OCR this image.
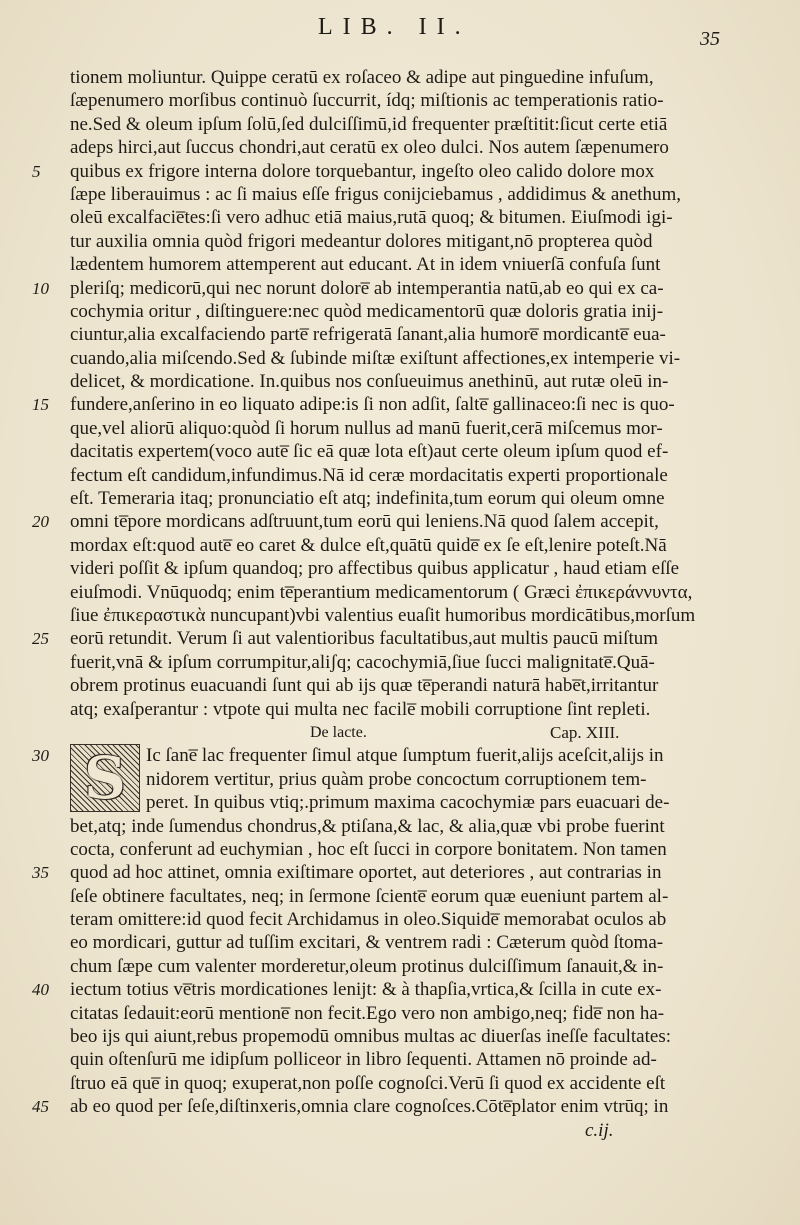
LIB. II.	35
tionem moliuntur. Quippe ceratū ex roſaceo & adipe aut pinguedine infuſum,
ſæpenumero morſibus continuò ſuccurrit, ídq; miſtionis ac temperationis ratio-
ne.Sed & oleum ipſum ſolū,ſed dulciſſimū,id frequenter præſtitit:ſicut certe etiā
adeps hirci,aut ſuccus chondri,aut ceratū ex oleo dulci. Nos autem ſæpenumero
5 quibus ex frigore interna dolore torquebantur, ingeſto oleo calido dolore mox
ſæpe liberauimus : ac ſi maius eſſe frigus conijciebamus , addidimus & anethum,
oleū excalfacie̅tes:ſi vero adhuc etiā maius,rutā quoq; & bitumen. Eiuſmodi igi-
tur auxilia omnia quòd frigori medeantur dolores mitigant,nō propterea quòd
lædentem humorem attemperent aut educant. At in idem vniuerſā confuſa ſunt
10 pleriſq; medicorū,qui nec norunt dolore̅ ab intemperantia natū,ab eo qui ex ca-
cochymia oritur , diſtinguere:nec quòd medicamentorū quæ doloris gratia inij-
ciuntur,alia excalfaciendo parte̅ refrigeratā ſanant,alia humore̅ mordicante̅ eua-
cuando,alia miſcendo.Sed & ſubinde miſtæ exiſtunt affectiones,ex intemperie vi-
delicet, & mordicatione. In.quibus nos conſueuimus anethinū, aut rutæ oleū in-
15 fundere,anſerino in eo liquato adipe:is ſi non adſit, ſalte̅ gallinaceo:ſi nec is quo-
que,vel aliorū aliquo:quòd ſi horum nullus ad manū fuerit,cerā miſcemus mor-
dacitatis expertem(voco aute̅ ſic eā quæ lota eſt)aut certe oleum ipſum quod ef-
fectum eſt candidum,infundimus.Nā id ceræ mordacitatis experti proportionale
eſt. Temeraria itaq; pronunciatio eſt atq; indefinita,tum eorum qui oleum omne
20 omni te̅pore mordicans adſtruunt,tum eorū qui leniens.Nā quod ſalem accepit,
mordax eſt:quod aute̅ eo caret & dulce eſt,quātū quide̅ ex ſe eſt,lenire poteſt.Nā
videri poſſit & ipſum quandoq; pro affectibus quibus applicatur , haud etiam eſſe
eiuſmodi. Vnūquodq; enim te̅perantium medicamentorum ( Græci ἐπικεράννυντα,
ſiue ἐπικεραστικὰ nuncupant)vbi valentius euaſit humoribus mordicātibus,morſum
25 eorū retundit. Verum ſi aut valentioribus facultatibus,aut multis paucū miſtum
fuerit,vnā & ipſum corrumpitur,aliʃq; cacochymiā,ſiue ſucci malignitate̅.Quā-
obrem protinus euacuandi ſunt qui ab ijs quæ te̅perandi naturā habe̅t,irritantur
atq; exaſperantur : vtpote qui multa nec facile̅ mobili corruptione ſint repleti.
De lacte.	Cap. XIII.
S
30	Ic ſane̅ lac frequenter ſimul atque ſumptum fuerit,alijs aceſcit,alijs in
nidorem vertitur, prius quàm probe concoctum corruptionem tem-
peret. In quibus vtiq;.primum maxima cacochymiæ pars euacuari de-
bet,atq; inde ſumendus chondrus,& ptiſana,& lac, & alia,quæ vbi probe fuerint
cocta, conferunt ad euchymian , hoc eſt ſucci in corpore bonitatem. Non tamen
35 quod ad hoc attinet, omnia exiſtimare oportet, aut deteriores , aut contrarias in
ſeſe obtinere facultates, neq; in ſermone ſciente̅ eorum quæ eueniunt partem al-
teram omittere:id quod fecit Archidamus in oleo.Siquide̅ memorabat oculos ab
eo mordicari, guttur ad tuſſim excitari, & ventrem radi : Cæterum quòd ſtoma-
chum ſæpe cum valenter morderetur,oleum protinus dulciſſimum ſanauit,& in-
40 iectum totius ve̅tris mordicationes lenijt: & à thapſia,vrtica,& ſcilla in cute ex-
citatas ſedauit:eorū mentione̅ non fecit.Ego vero non ambigo,neq; fide̅ non ha-
beo ijs qui aiunt,rebus propemodū omnibus multas ac diuerſas ineſſe facultates:
quin oſtenſurū me idipſum polliceor in libro ſequenti. Attamen nō proinde ad-
ſtruo eā que̅ in quoq; exuperat,non poſſe cognoſci.Verū ſi quod ex accidente eſt
45 ab eo quod per ſeſe,diſtinxeris,omnia clare cognoſces.Cōte̅plator enim vtrūq; in
c.ij.
